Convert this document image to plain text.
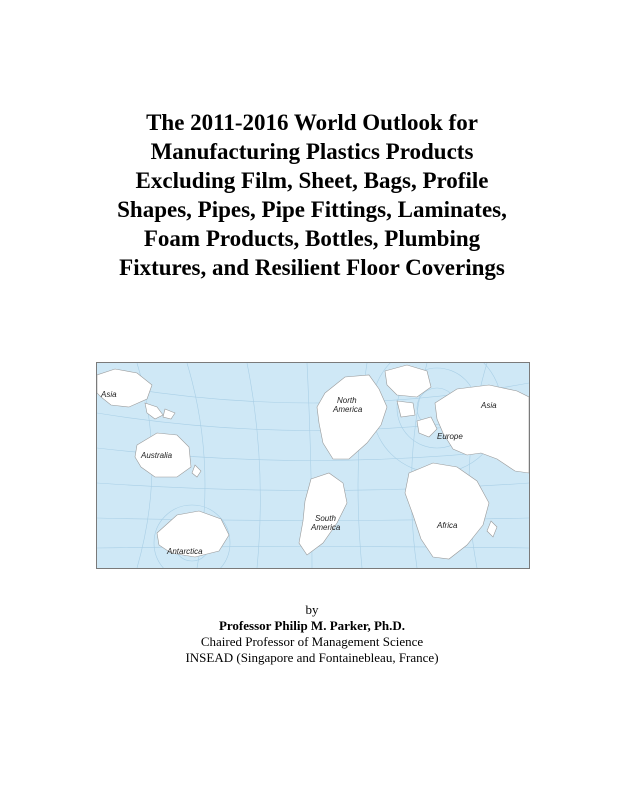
The 2011-2016 World Outlook for
Manufacturing Plastics Products
Excluding Film, Sheet, Bags, Profile
Shapes, Pipes, Pipe Fittings, Laminates,
Foam Products, Bottles, Plumbing
Fixtures, and Resilient Floor Coverings
Asia
Australia
Antarctica
North
America
South
America
Europe
Asia
Africa
by
Professor Philip M. Parker, Ph.D.
Chaired Professor of Management Science
INSEAD (Singapore and Fontainebleau, France)
